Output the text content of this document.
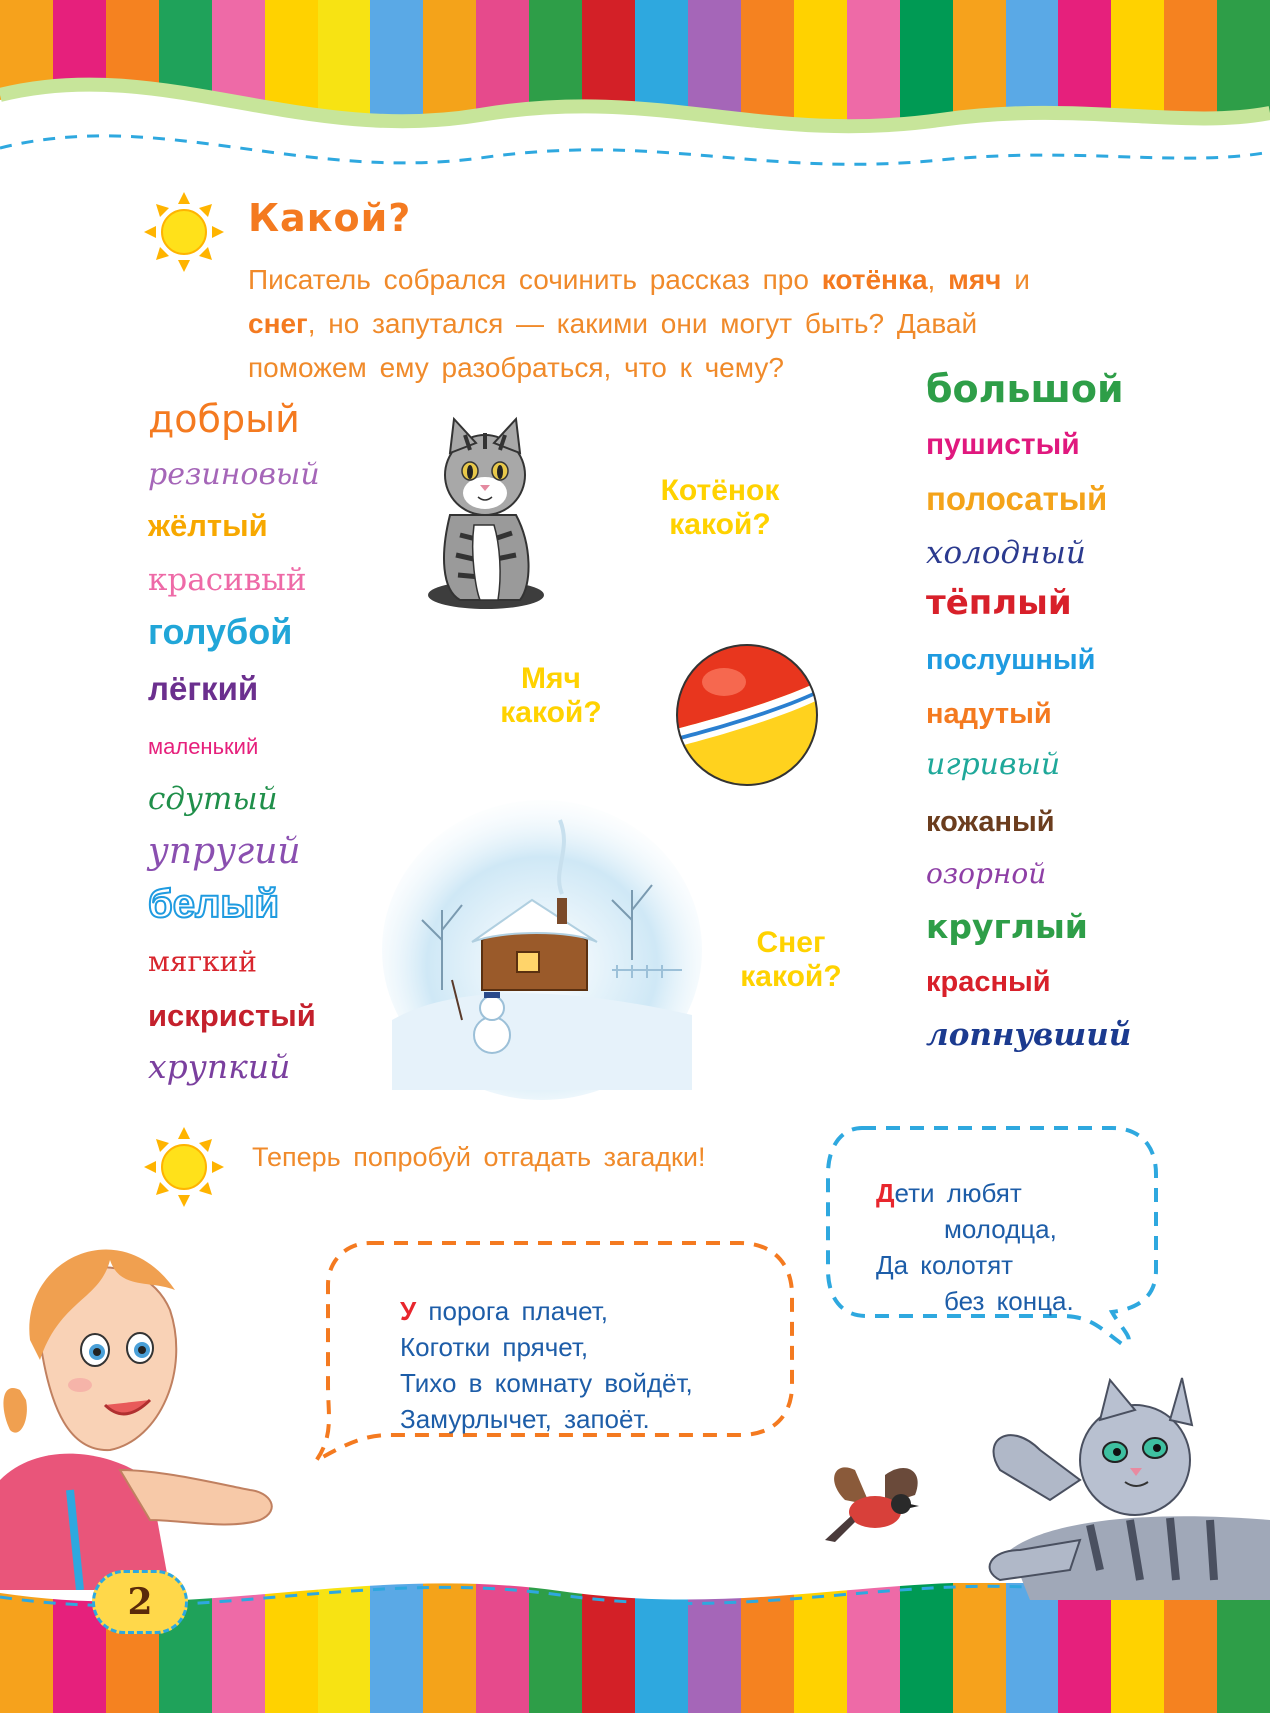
Какой?
Писатель собрался сочинить рассказ про котёнка, мяч и снег, но запутался — какими они могут быть? Давай поможем ему разобраться, что к чему?
добрый
резиновый
жёлтый
красивый
голубой
лёгкий
маленький
сдутый
упругий
белый
мягкий
искристый
хрупкий
большой
пушистый
полосатый
холодный
тёплый
послушный
надутый
игривый
кожаный
озорной
круглый
красный
лопнувший
Котёнок
какой?
Мяч
какой?
Снег
какой?
Теперь попробуй отгадать загадки!
У порога плачет,
Коготки прячет,
Тихо в комнату войдёт,
Замурлычет, запоёт.
Дети любят
молодца,
Да колотят
без конца.
2
